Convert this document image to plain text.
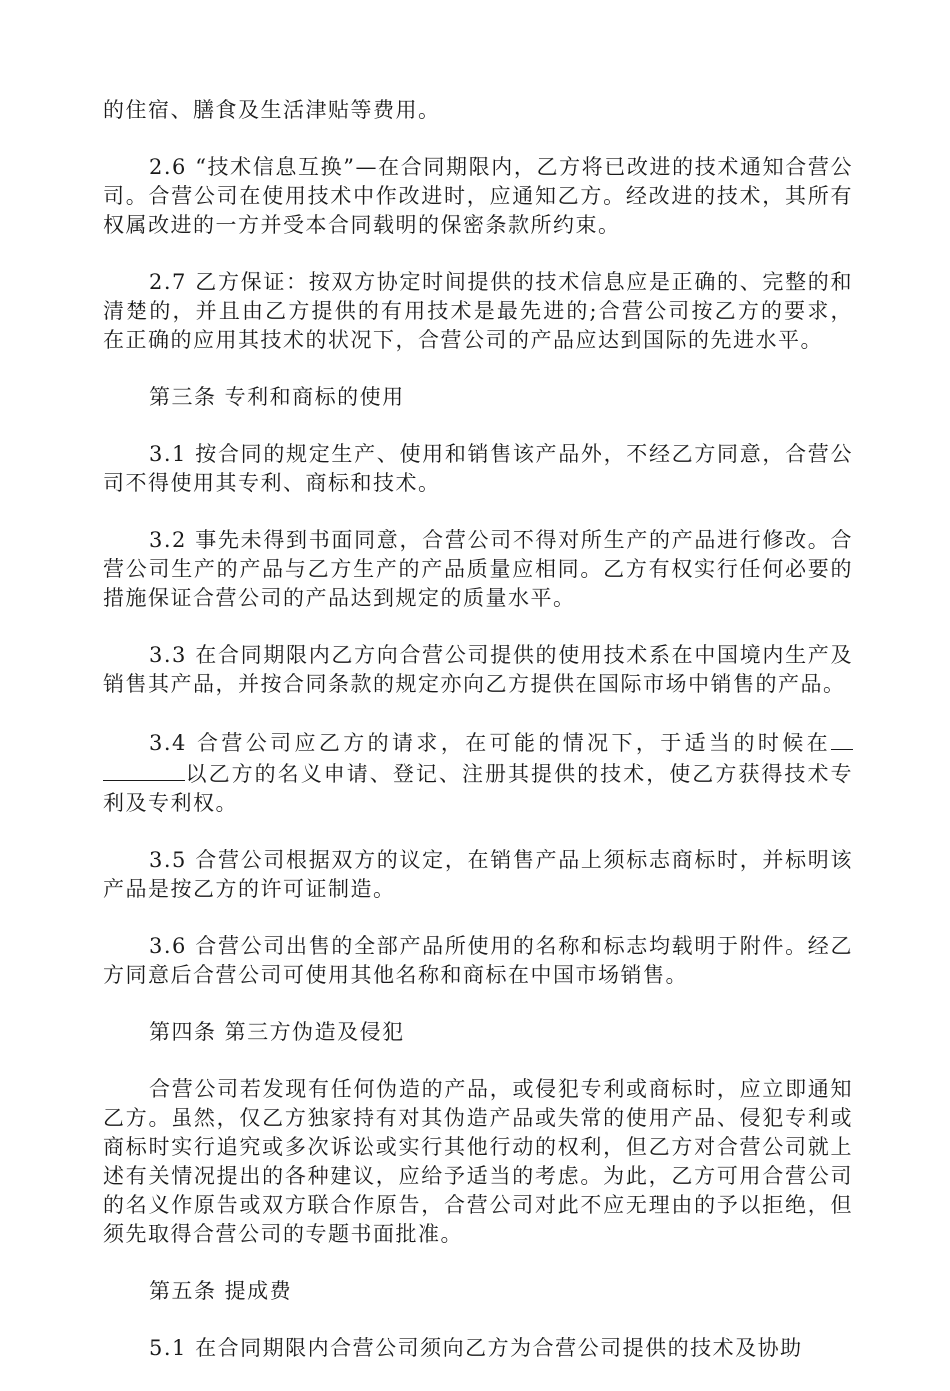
的住宿、膳食及生活津贴等费用。

2.6 “技术信息互换”—在合同期限内，乙方将已改进的技术通知合营公司。合营公司在使用技术中作改进时，应通知乙方。经改进的技术，其所有权属改进的一方并受本合同载明的保密条款所约束。

2.7 乙方保证：按双方协定时间提供的技术信息应是正确的、完整的和清楚的，并且由乙方提供的有用技术是最先进的;合营公司按乙方的要求，在正确的应用其技术的状况下，合营公司的产品应达到国际的先进水平。

第三条 专利和商标的使用

3.1 按合同的规定生产、使用和销售该产品外，不经乙方同意，合营公司不得使用其专利、商标和技术。

3.2 事先未得到书面同意，合营公司不得对所生产的产品进行修改。合营公司生产的产品与乙方生产的产品质量应相同。乙方有权实行任何必要的措施保证合营公司的产品达到规定的质量水平。

3.3 在合同期限内乙方向合营公司提供的使用技术系在中国境内生产及销售其产品，并按合同条款的规定亦向乙方提供在国际市场中销售的产品。

3.4 合营公司应乙方的请求，在可能的情况下，于适当的时候在以乙方的名义申请、登记、注册其提供的技术，使乙方获得技术专利及专利权。

3.5 合营公司根据双方的议定，在销售产品上须标志商标时，并标明该产品是按乙方的许可证制造。

3.6 合营公司出售的全部产品所使用的名称和标志均载明于附件。经乙方同意后合营公司可使用其他名称和商标在中国市场销售。

第四条 第三方伪造及侵犯

合营公司若发现有任何伪造的产品，或侵犯专利或商标时，应立即通知乙方。虽然，仅乙方独家持有对其伪造产品或失常的使用产品、侵犯专利或商标时实行追究或多次诉讼或实行其他行动的权利，但乙方对合营公司就上述有关情况提出的各种建议，应给予适当的考虑。为此，乙方可用合营公司的名义作原告或双方联合作原告，合营公司对此不应无理由的予以拒绝，但须先取得合营公司的专题书面批准。

第五条 提成费

5.1 在合同期限内合营公司须向乙方为合营公司提供的技术及协助
